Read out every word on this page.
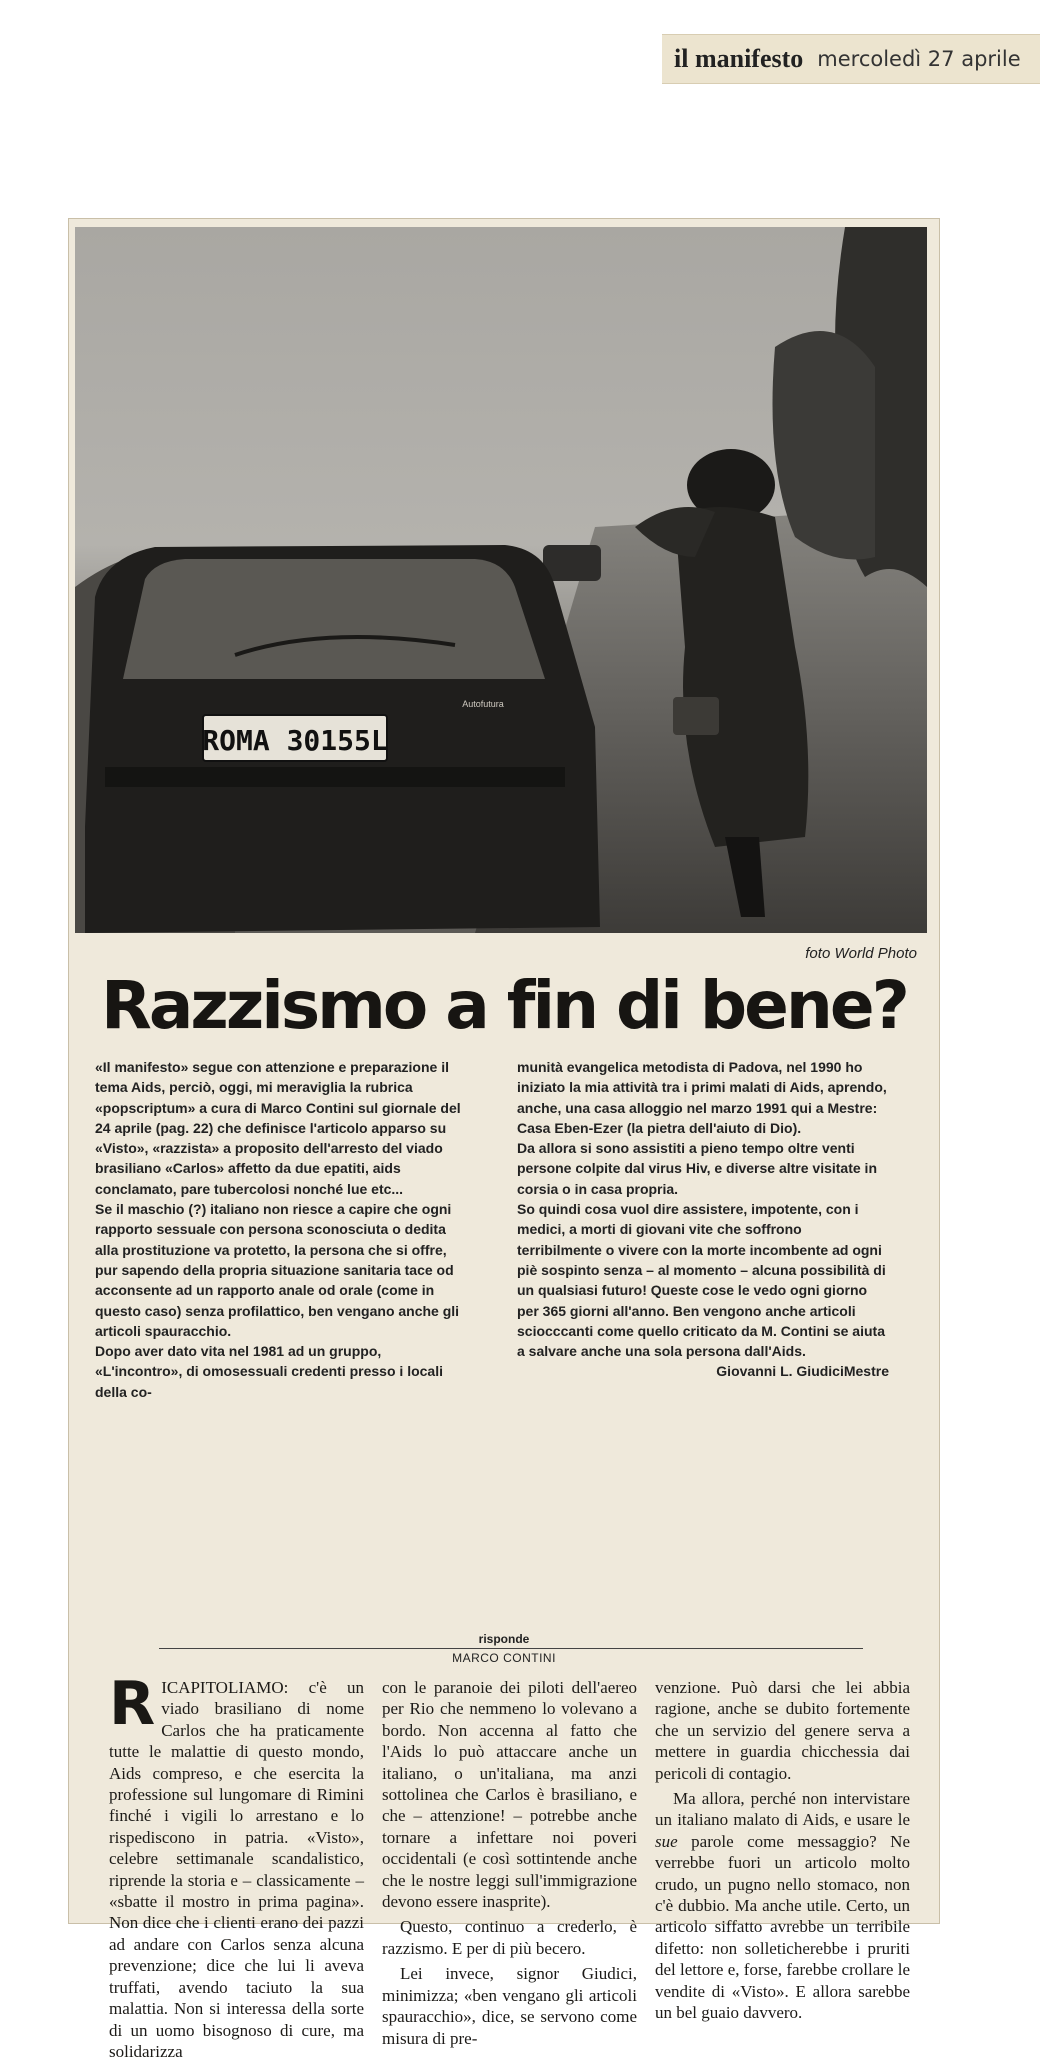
il manifesto mercoledì 27 aprile
ROMA 30155L
Autofutura
foto World Photo
Razzismo a fin di bene?

«Il manifesto» segue con attenzione e preparazione il tema Aids, perciò, oggi, mi meraviglia la rubrica «popscriptum» a cura di Marco Contini sul giornale del 24 aprile (pag. 22) che definisce l'articolo apparso su «Visto», «razzista» a proposito dell'arresto del viado brasiliano «Carlos» affetto da due epatiti, aids conclamato, pare tubercolosi nonché lue etc...

Se il maschio (?) italiano non riesce a capire che ogni rapporto sessuale con persona sconosciuta o dedita alla prostituzione va protetto, la persona che si offre, pur sapendo della propria situazione sanitaria tace od acconsente ad un rapporto anale od orale (come in questo caso) senza profilattico, ben vengano anche gli articoli spauracchio.

Dopo aver dato vita nel 1981 ad un gruppo, «L'incontro», di omosessuali credenti presso i locali della co-

munità evangelica metodista di Padova, nel 1990 ho iniziato la mia attività tra i primi malati di Aids, aprendo, anche, una casa alloggio nel marzo 1991 qui a Mestre: Casa Eben-Ezer (la pietra dell'aiuto di Dio).

Da allora si sono assistiti a pieno tempo oltre venti persone colpite dal virus Hiv, e diverse altre visitate in corsia o in casa propria.

So quindi cosa vuol dire assistere, impotente, con i medici, a morti di giovani vite che soffrono terribilmente o vivere con la morte incombente ad ogni piè sospinto senza – al momento – alcuna possibilità di un qualsiasi futuro! Queste cose le vedo ogni giorno per 365 giorni all'anno. Ben vengono anche articoli sciocccanti come quello criticato da M. Contini se aiuta a salvare anche una sola persona dall'Aids.

Giovanni L. GiudiciMestre

risponde
MARCO CONTINI

RICAPITOLIAMO: c'è un viado brasiliano di nome Carlos che ha praticamente tutte le malattie di questo mondo, Aids compreso, e che esercita la professione sul lungomare di Rimini finché i vigili lo arrestano e lo rispediscono in patria. «Visto», celebre settimanale scandalistico, riprende la storia e – classicamente – «sbatte il mostro in prima pagina». Non dice che i clienti erano dei pazzi ad andare con Carlos senza alcuna prevenzione; dice che lui li aveva truffati, avendo taciuto la sua malattia. Non si interessa della sorte di un uomo bisognoso di cure, ma solidarizza

con le paranoie dei piloti dell'aereo per Rio che nemmeno lo volevano a bordo. Non accenna al fatto che l'Aids lo può attaccare anche un italiano, o un'italiana, ma anzi sottolinea che Carlos è brasiliano, e che – attenzione! – potrebbe anche tornare a infettare noi poveri occidentali (e così sottintende anche che le nostre leggi sull'immigrazione devono essere inasprite).

Questo, continuo a crederlo, è razzismo. E per di più becero.

Lei invece, signor Giudici, minimizza; «ben vengano gli articoli spauracchio», dice, se servono come misura di pre-

venzione. Può darsi che lei abbia ragione, anche se dubito fortemente che un servizio del genere serva a mettere in guardia chicchessia dai pericoli di contagio.

Ma allora, perché non intervistare un italiano malato di Aids, e usare le sue parole come messaggio? Ne verrebbe fuori un articolo molto crudo, un pugno nello stomaco, non c'è dubbio. Ma anche utile. Certo, un articolo siffatto avrebbe un terribile difetto: non solleticherebbe i pruriti del lettore e, forse, farebbe crollare le vendite di «Visto». E allora sarebbe un bel guaio davvero.
